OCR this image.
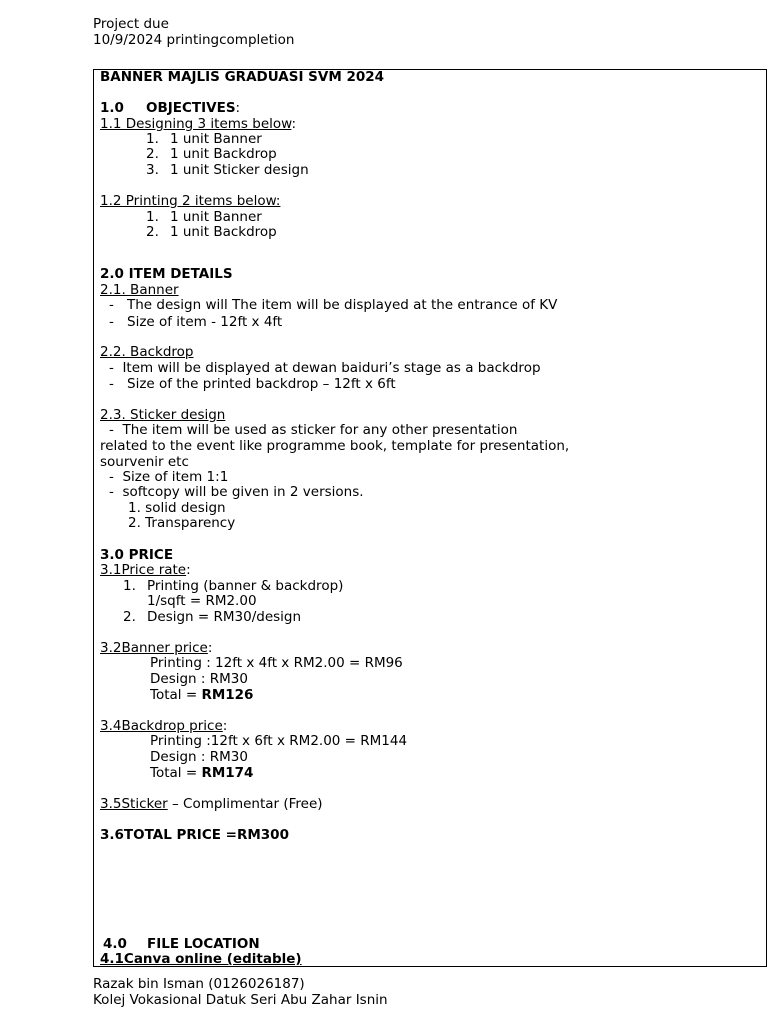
Project due
10/9/2024 printingcompletion
BANNER MAJLIS GRADUASI SVM 2024
1.0 OBJECTIVES:
1.1 Designing 3 items below:
1. 1 unit Banner
2. 1 unit Backdrop
3. 1 unit Sticker design
1.2 Printing 2 items below:
1. 1 unit Banner
2. 1 unit Backdrop
2.0 ITEM DETAILS
2.1. Banner
- The design will The item will be displayed at the entrance of KV
- Size of item - 12ft x 4ft
2.2. Backdrop
-  Item will be displayed at dewan baiduri’s stage as a backdrop
- Size of the printed backdrop – 12ft x 6ft
2.3. Sticker design
-  The item will be used as sticker for any other presentation
related to the event like programme book, template for presentation,
sourvenir etc
-  Size of item 1:1
-  softcopy will be given in 2 versions.
1. solid design
2. Transparency
3.0 PRICE
3.1Price rate:
1. Printing (banner & backdrop)
1/sqft = RM2.00
2. Design = RM30/design
3.2Banner price:
Printing : 12ft x 4ft x RM2.00 = RM96
Design : RM30
Total = RM126
3.4Backdrop price:
Printing :12ft x 6ft x RM2.00 = RM144
Design : RM30
Total = RM174
3.5Sticker – Complimentar (Free)
3.6TOTAL PRICE =RM300
4.0 FILE LOCATION
4.1Canva online (editable)
Razak bin Isman (0126026187)
Kolej Vokasional Datuk Seri Abu Zahar Isnin
